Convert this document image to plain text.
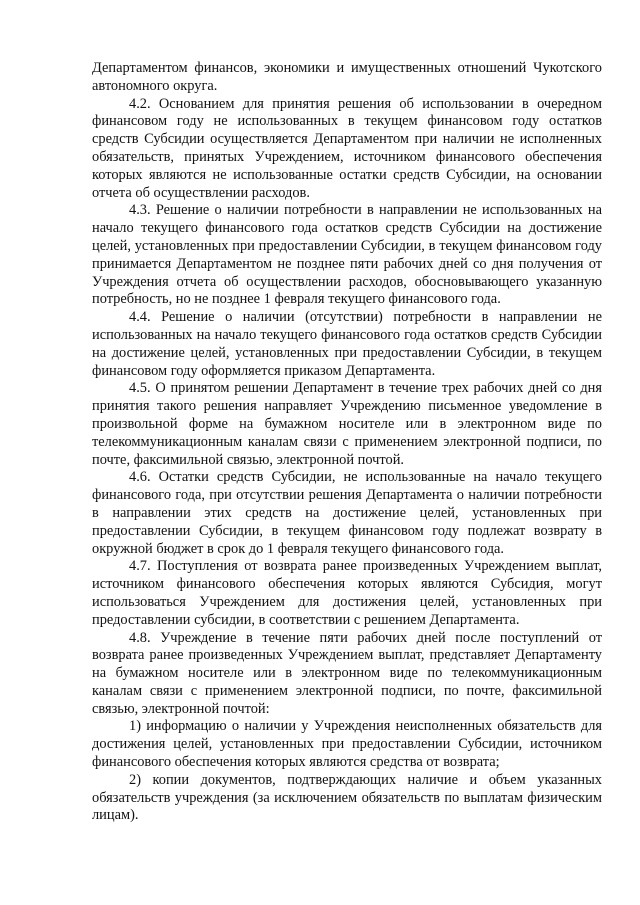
Департаментом финансов, экономики и имущественных отношений Чукотского автономного округа.

4.2. Основанием для принятия решения об использовании в очередном финансовом году не использованных в текущем финансовом году остатков средств Субсидии осуществляется Департаментом при наличии не исполненных обязательств, принятых Учреждением, источником финансового обеспечения которых являются не использованные остатки средств Субсидии, на основании отчета об осуществлении расходов.

4.3. Решение о наличии потребности в направлении не использованных на начало текущего финансового года остатков средств Субсидии на достижение целей, установленных при предоставлении Субсидии, в текущем финансовом году принимается Департаментом не позднее пяти рабочих дней со дня получения от Учреждения отчета об осуществлении расходов, обосновывающего указанную потребность, но не позднее 1 февраля текущего финансового года.

4.4. Решение о наличии (отсутствии) потребности в направлении не использованных на начало текущего финансового года остатков средств Субсидии на достижение целей, установленных при предоставлении Субсидии, в текущем финансовом году оформляется приказом Департамента.

4.5. О принятом решении Департамент в течение трех рабочих дней со дня принятия такого решения направляет Учреждению письменное уведомление в произвольной форме на бумажном носителе или в электронном виде по телекоммуникационным каналам связи с применением электронной подписи, по почте, факсимильной связью, электронной почтой.

4.6. Остатки средств Субсидии, не использованные на начало текущего финансового года, при отсутствии решения Департамента о наличии потребности в направлении этих средств на достижение целей, установленных при предоставлении Субсидии, в текущем финансовом году подлежат возврату в окружной бюджет в срок до 1 февраля текущего финансового года.

4.7. Поступления от возврата ранее произведенных Учреждением выплат, источником финансового обеспечения которых являются Субсидия, могут использоваться Учреждением для достижения целей, установленных при предоставлении субсидии, в соответствии с решением Департамента.

4.8. Учреждение в течение пяти рабочих дней после поступлений от возврата ранее произведенных Учреждением выплат, представляет Департаменту на бумажном носителе или в электронном виде по телекоммуникационным каналам связи с применением электронной подписи, по почте, факсимильной связью, электронной почтой:

1) информацию о наличии у Учреждения неисполненных обязательств для достижения целей, установленных при предоставлении Субсидии, источником финансового обеспечения которых являются средства от возврата;

2) копии документов, подтверждающих наличие и объем указанных обязательств учреждения (за исключением обязательств по выплатам физическим лицам).
